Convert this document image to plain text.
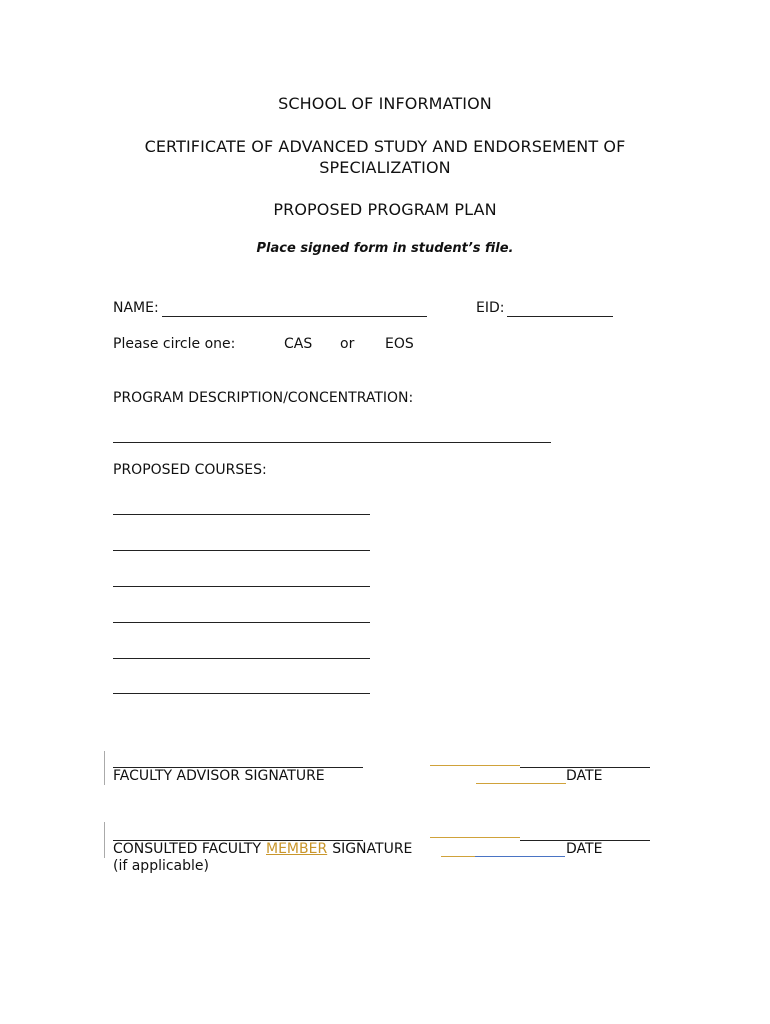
SCHOOL OF INFORMATION
CERTIFICATE OF ADVANCED STUDY AND ENDORSEMENT OF
SPECIALIZATION
PROPOSED PROGRAM PLAN
Place signed form in student’s file.
NAME:	EID:
Please circle one:	CAS or EOS
PROGRAM DESCRIPTION/CONCENTRATION:
PROPOSED COURSES:
FACULTY ADVISOR SIGNATURE	DATE
CONSULTED FACULTY MEMBER SIGNATURE	DATE
(if applicable)
